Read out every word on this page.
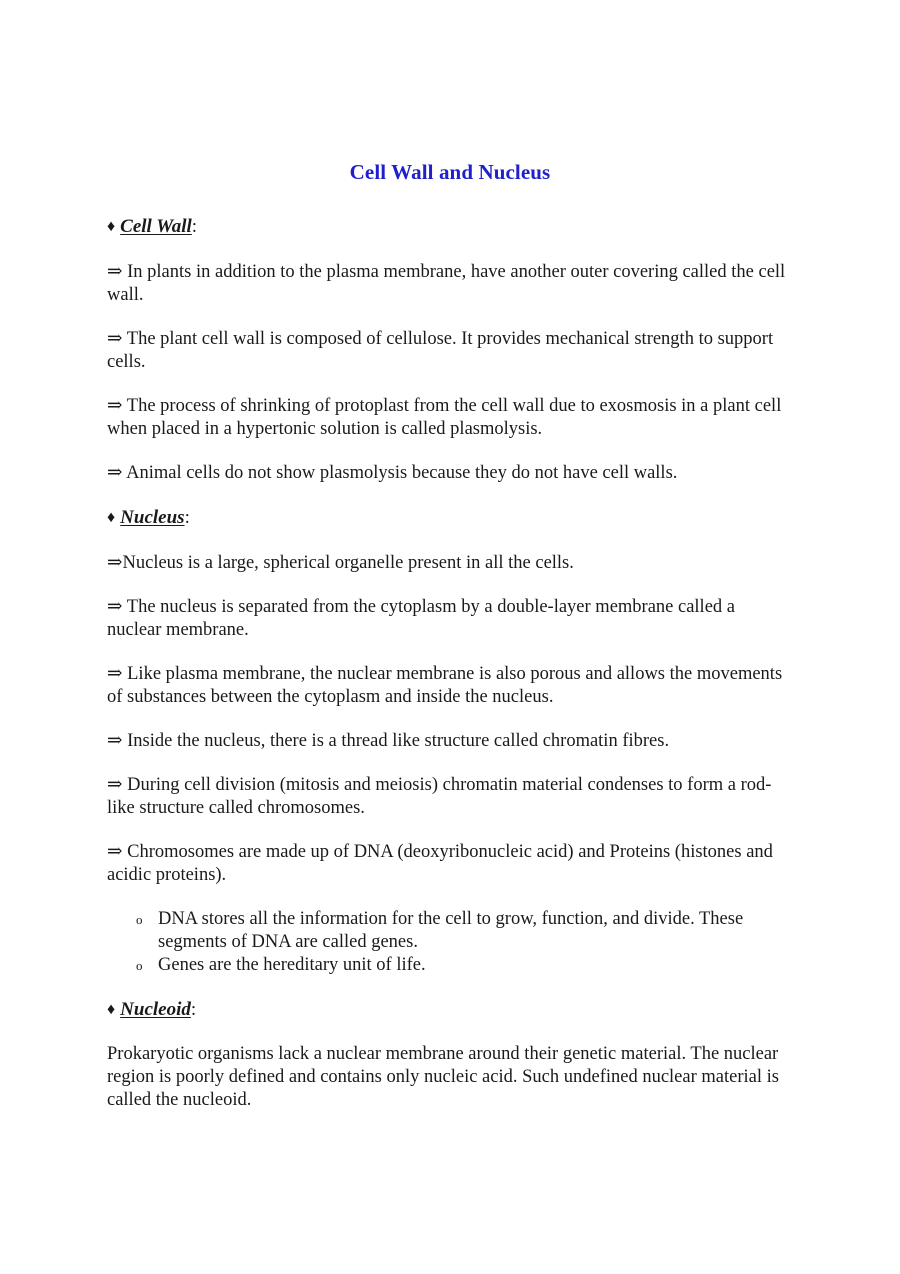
Cell Wall and Nucleus
♦ Cell Wall:

⇒ In plants in addition to the plasma membrane, have another outer covering called the cell wall.

⇒ The plant cell wall is composed of cellulose. It provides mechanical strength to support cells.

⇒ The process of shrinking of protoplast from the cell wall due to exosmosis in a plant cell when placed in a hypertonic solution is called plasmolysis.

⇒ Animal cells do not show plasmolysis because they do not have cell walls.

♦ Nucleus:

⇒Nucleus is a large, spherical organelle present in all the cells.

⇒ The nucleus is separated from the cytoplasm by a double-layer membrane called a nuclear membrane.

⇒ Like plasma membrane, the nuclear membrane is also porous and allows the movements of substances between the cytoplasm and inside the nucleus.

⇒ Inside the nucleus, there is a thread like structure called chromatin fibres.

⇒ During cell division (mitosis and meiosis) chromatin material condenses to form a rod-like structure called chromosomes.

⇒ Chromosomes are made up of DNA (deoxyribonucleic acid) and Proteins (histones and acidic proteins).

o DNA stores all the information for the cell to grow, function, and divide. These segments of DNA are called genes.
o Genes are the hereditary unit of life.
♦ Nucleoid:

Prokaryotic organisms lack a nuclear membrane around their genetic material. The nuclear region is poorly defined and contains only nucleic acid. Such undefined nuclear material is called the nucleoid.
